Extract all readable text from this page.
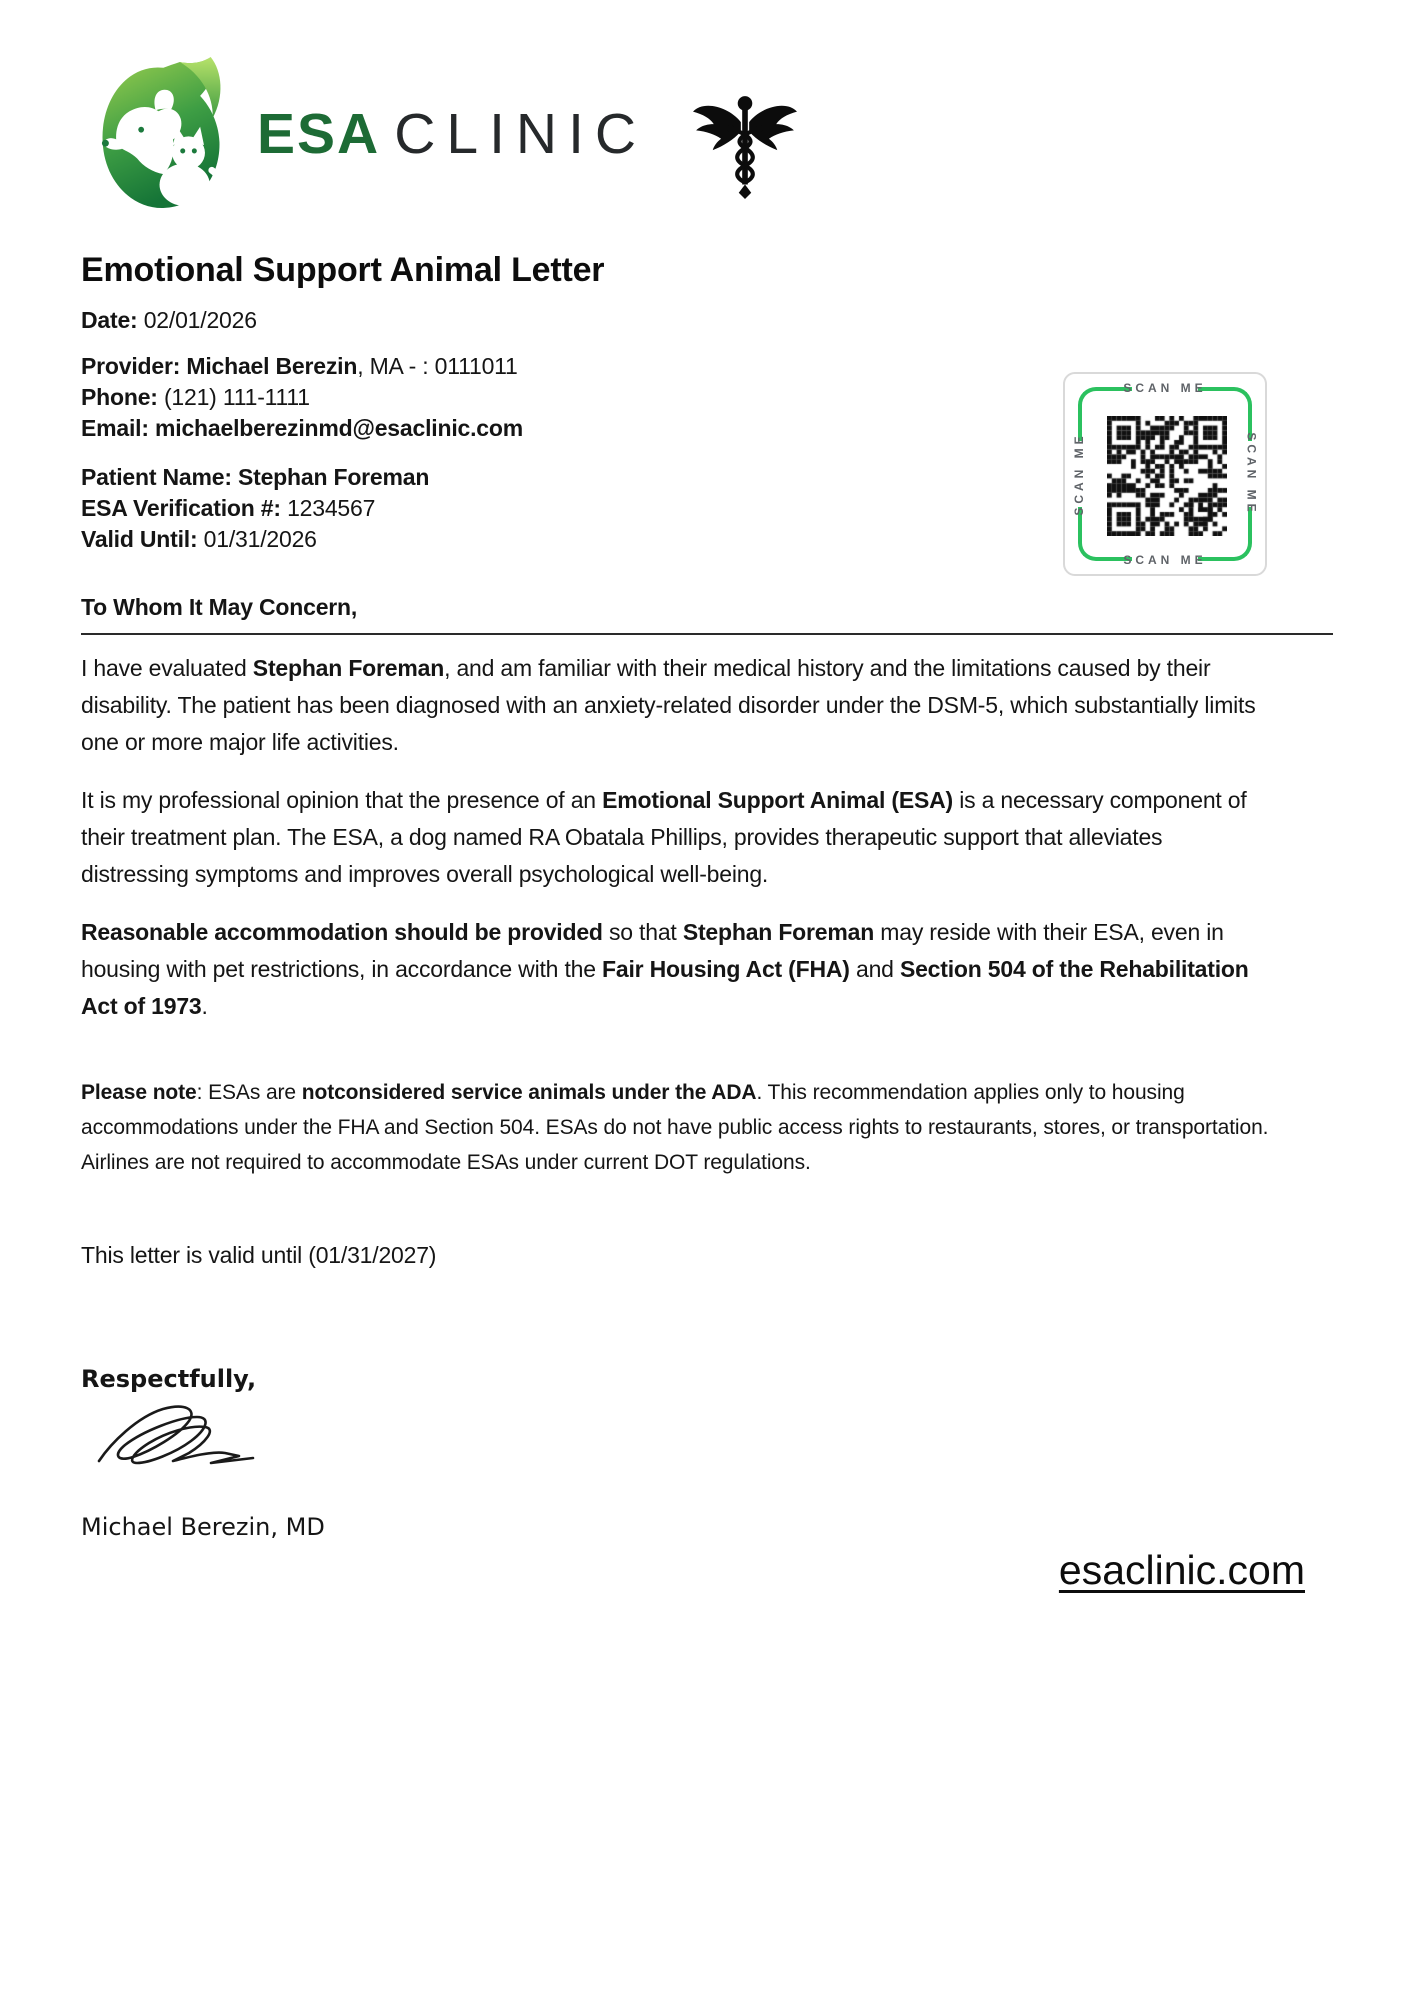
ESA CLINIC
SCAN ME
SCAN ME
SCAN ME	SCAN ME
Emotional Support Animal Letter
Date: 02/01/2026
Provider: Michael Berezin, MA - : 0111011
Phone: (121) 111-1111
Email: michaelberezinmd@esaclinic.com
Patient Name: Stephan Foreman
ESA Verification #: 1234567
Valid Until: 01/31/2026
To Whom It May Concern,

I have evaluated Stephan Foreman, and am familiar with their medical history and the limitations caused by their disability. The patient has been diagnosed with an anxiety-related disorder under the DSM-5, which substantially limits one or more major life activities.

It is my professional opinion that the presence of an Emotional Support Animal (ESA) is a necessary component of their treatment plan. The ESA, a dog named RA Obatala Phillips, provides therapeutic support that alleviates distressing symptoms and improves overall psychological well-being.

Reasonable accommodation should be provided so that Stephan Foreman may reside with their ESA, even in housing with pet restrictions, in accordance with the Fair Housing Act (FHA) and Section 504 of the Rehabilitation Act of 1973.

Please note: ESAs are notconsidered service animals under the ADA. This recommendation applies only to housing accommodations under the FHA and Section 504. ESAs do not have public access rights to restaurants, stores, or transportation. Airlines are not required to accommodate ESAs under current DOT regulations.

This letter is valid until (01/31/2027)
Respectfully,
Michael Berezin, MD
esaclinic.com
